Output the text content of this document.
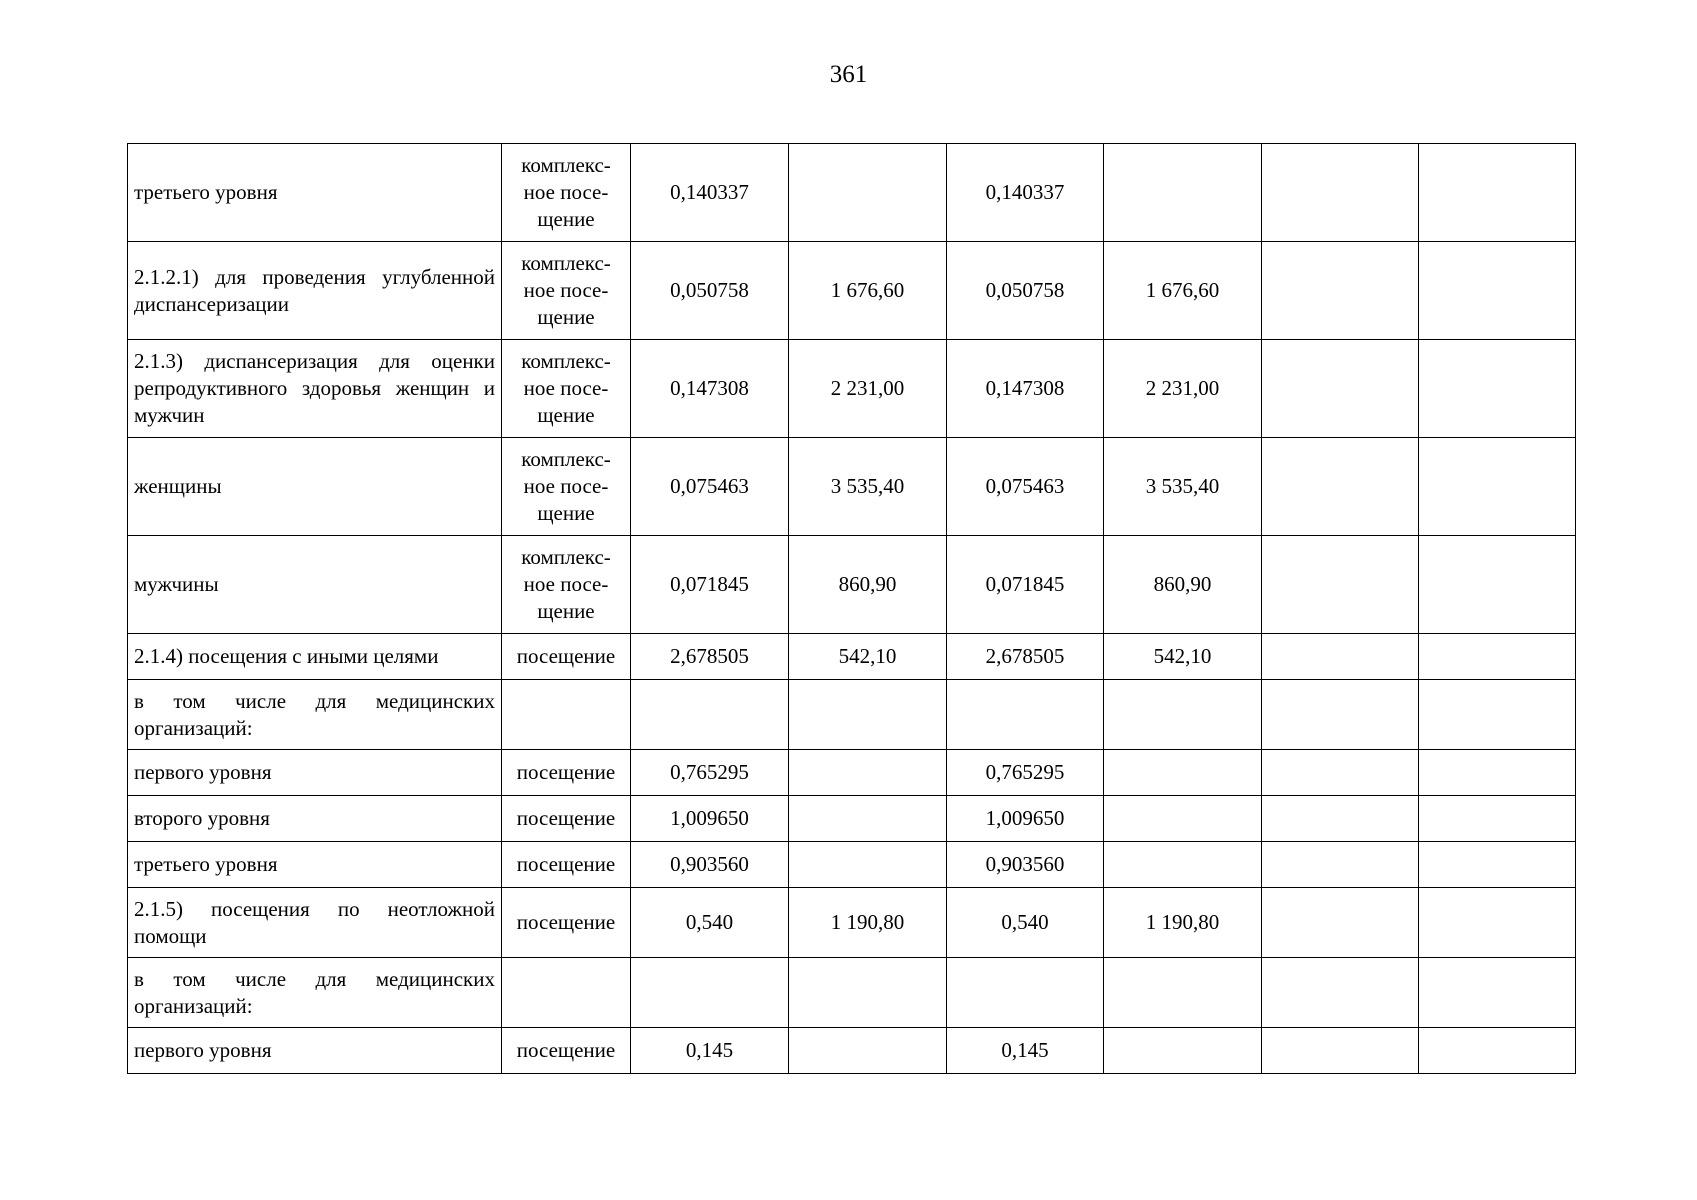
361
третьего уровня	комплекс-ное посе-щение	0,140337		0,140337			
2.1.2.1) для проведения углубленной диспансеризации	комплекс-ное посе-щение	0,050758	1 676,60	0,050758	1 676,60		
2.1.3) диспансеризация для оценки репродуктивного здоровья женщин и мужчин	комплекс-ное посе-щение	0,147308	2 231,00	0,147308	2 231,00		
женщины	комплекс-ное посе-щение	0,075463	3 535,40	0,075463	3 535,40		
мужчины	комплекс-ное посе-щение	0,071845	860,90	0,071845	860,90		
2.1.4) посещения с иными целями	посещение	2,678505	542,10	2,678505	542,10		
в том числе для медицинских организаций:							
первого уровня	посещение	0,765295		0,765295			
второго уровня	посещение	1,009650		1,009650			
третьего уровня	посещение	0,903560		0,903560			
2.1.5) посещения по неотложной помощи	посещение	0,540	1 190,80	0,540	1 190,80		
в том числе для медицинских организаций:							
первого уровня	посещение	0,145		0,145			
